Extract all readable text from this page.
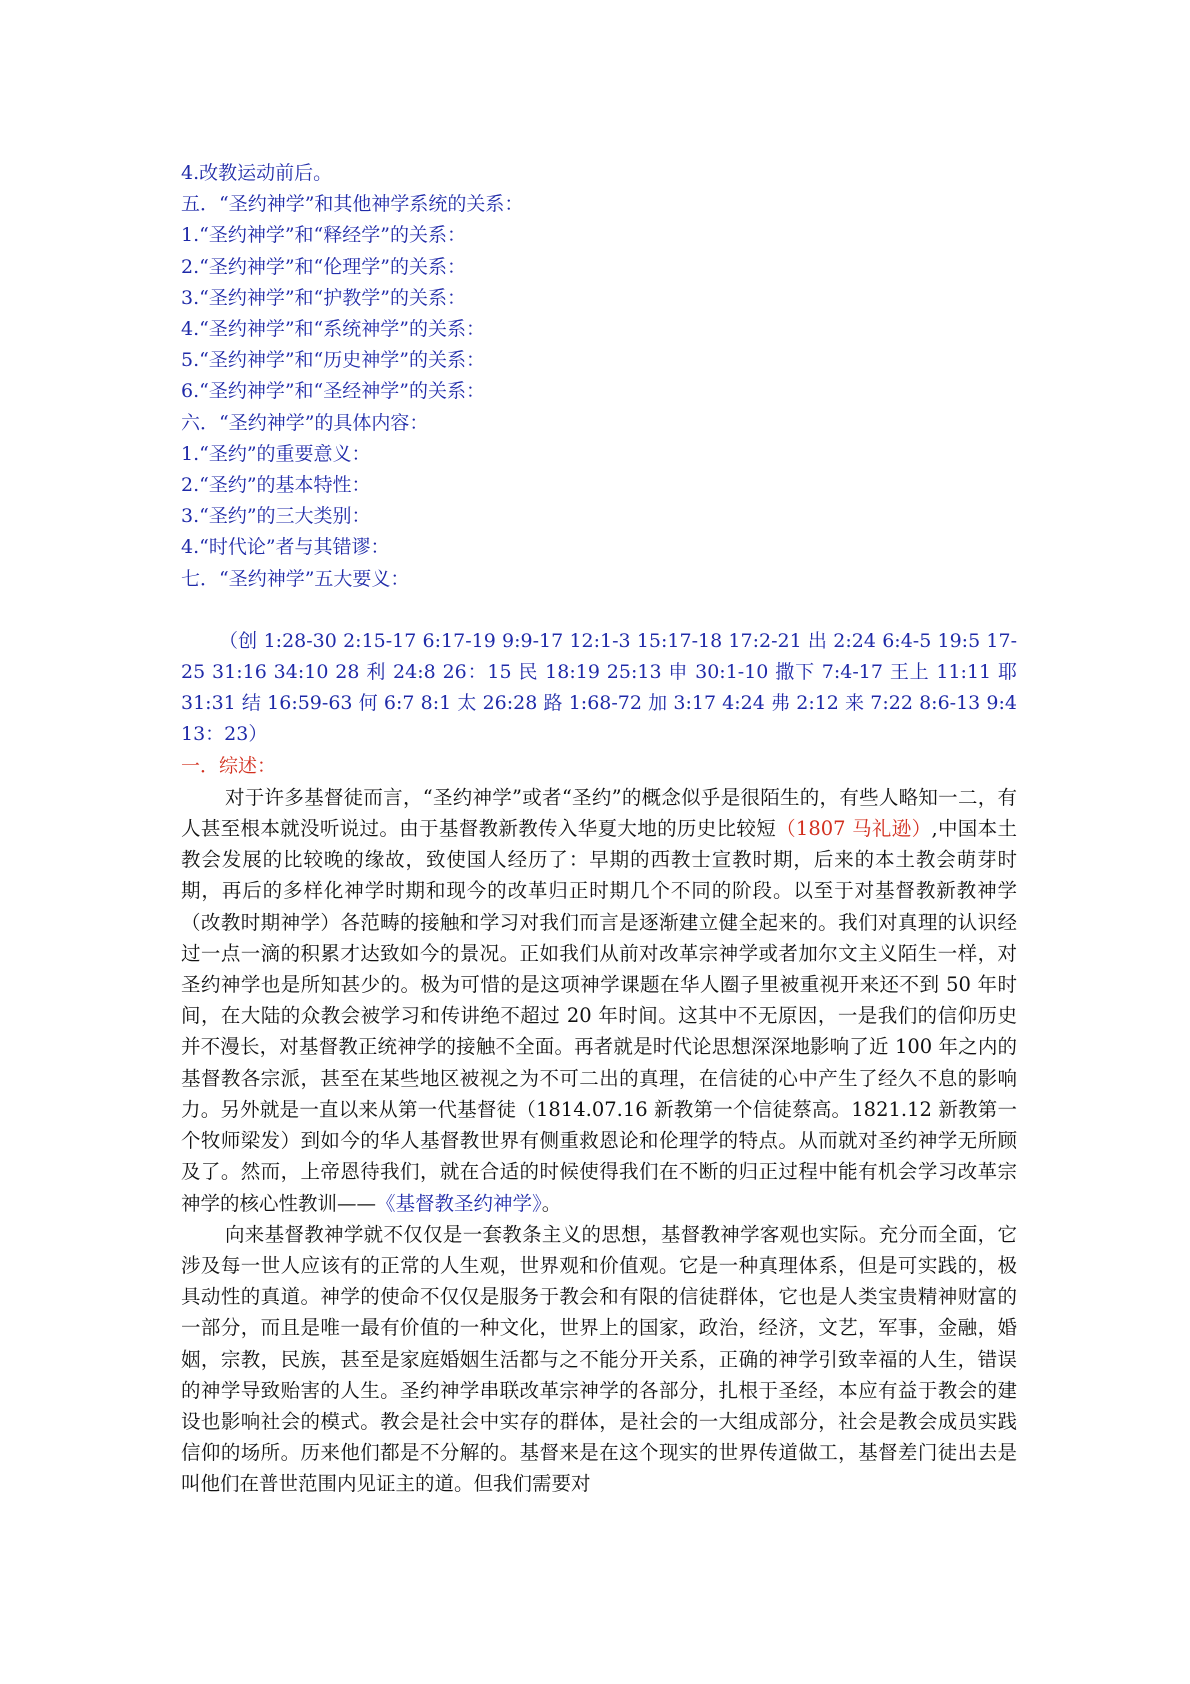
4.改教运动前后。
五．“圣约神学”和其他神学系统的关系：
1.“圣约神学”和“释经学”的关系：
2.“圣约神学”和“伦理学”的关系：
3.“圣约神学”和“护教学”的关系：
4.“圣约神学”和“系统神学”的关系：
5.“圣约神学”和“历史神学”的关系：
6.“圣约神学”和“圣经神学”的关系：
六．“圣约神学”的具体内容：
1.“圣约”的重要意义：
2.“圣约”的基本特性：
3.“圣约”的三大类别：
4.“时代论”者与其错谬：
七．“圣约神学”五大要义：
（创 1:28-30 2:15-17 6:17-19 9:9-17 12:1-3 15:17-18 17:2-21 出 2:24 6:4-5 19:5 17-25 31:16 34:10 28 利 24:8 26：15 民 18:19 25:13 申 30:1-10 撒下 7:4-17 王上 11:11 耶 31:31 结 16:59-63 何 6:7 8:1 太 26:28 路 1:68-72 加 3:17 4:24 弗 2:12 来 7:22 8:6-13 9:4 13：23）
一．综述：

对于许多基督徒而言，“圣约神学”或者“圣约”的概念似乎是很陌生的，有些人略知一二，有人甚至根本就没听说过。由于基督教新教传入华夏大地的历史比较短（1807 马礼逊）,中国本土教会发展的比较晚的缘故，致使国人经历了：早期的西教士宣教时期，后来的本土教会萌芽时期，再后的多样化神学时期和现今的改革归正时期几个不同的阶段。以至于对基督教新教神学（改教时期神学）各范畴的接触和学习对我们而言是逐渐建立健全起来的。我们对真理的认识经过一点一滴的积累才达致如今的景况。正如我们从前对改革宗神学或者加尔文主义陌生一样，对圣约神学也是所知甚少的。极为可惜的是这项神学课题在华人圈子里被重视开来还不到 50 年时间，在大陆的众教会被学习和传讲绝不超过 20 年时间。这其中不无原因，一是我们的信仰历史并不漫长，对基督教正统神学的接触不全面。再者就是时代论思想深深地影响了近 100 年之内的基督教各宗派，甚至在某些地区被视之为不可二出的真理，在信徒的心中产生了经久不息的影响力。另外就是一直以来从第一代基督徒（1814.07.16 新教第一个信徒蔡高。1821.12 新教第一个牧师梁发）到如今的华人基督教世界有侧重救恩论和伦理学的特点。从而就对圣约神学无所顾及了。然而，上帝恩待我们，就在合适的时候使得我们在不断的归正过程中能有机会学习改革宗神学的核心性教训——《基督教圣约神学》。

向来基督教神学就不仅仅是一套教条主义的思想，基督教神学客观也实际。充分而全面，它涉及每一世人应该有的正常的人生观，世界观和价值观。它是一种真理体系，但是可实践的，极具动性的真道。神学的使命不仅仅是服务于教会和有限的信徒群体，它也是人类宝贵精神财富的一部分，而且是唯一最有价值的一种文化，世界上的国家，政治，经济，文艺，军事，金融，婚姻，宗教，民族，甚至是家庭婚姻生活都与之不能分开关系，正确的神学引致幸福的人生，错误的神学导致贻害的人生。圣约神学串联改革宗神学的各部分，扎根于圣经，本应有益于教会的建设也影响社会的模式。教会是社会中实存的群体，是社会的一大组成部分，社会是教会成员实践信仰的场所。历来他们都是不分解的。基督来是在这个现实的世界传道做工，基督差门徒出去是叫他们在普世范围内见证主的道。但我们需要对
